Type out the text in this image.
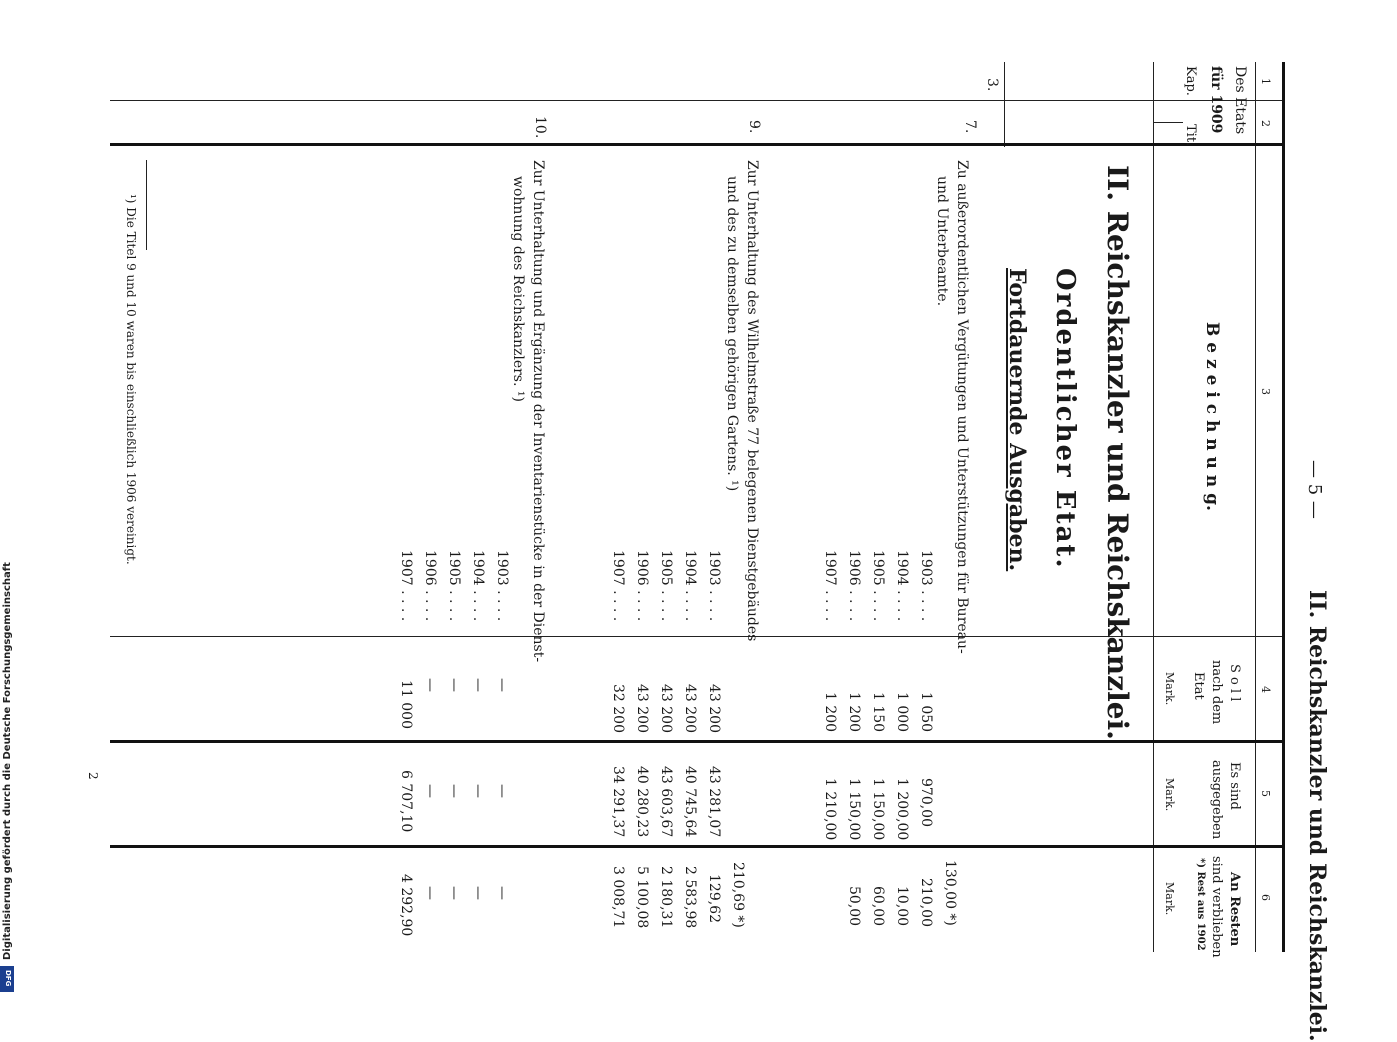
II. Reichskanzler und Reichskanzlei.
— 5 —
1
2
3
4
5
6
Des Etats
für 1909
Kap.
Tit.
B e z e i c h n u n g.
S o l l
nach dem
Etat
Mark.
Es sind
ausgegeben
Mark.
An Resten
sind verblieben
*) Rest aus 1902
Mark.
3.
II. Reichskanzler und Reichskanzlei.
Ordentlicher Etat.
Fortdauernde Ausgaben.
7.
Zu außerordentlichen Vergütungen und Unterstützungen für Bureau-
und Unterbeamte.
1903 . . . .
1904 . . . .
1905 . . . .
1906 . . . .
1907 . . . .
1 050
1 000
1 150
1 200
1 200
970,00
1 200,00
1 150,00
1 150,00
1 210,00
130,00 *)
210,00
10,00
60,00
50,00
9.
Zur Unterhaltung des Wilhelmstraße 77 belegenen Dienstgebäudes
und des zu demselben gehörigen Gartens. ¹)
1903 . . . .
1904 . . . .
1905 . . . .
1906 . . . .
1907 . . . .
43 200
43 200
43 200
43 200
32 200
43 281,07
40 745,64
43 603,67
40 280,23
34 291,37
210,69 *)
129,62
2 583,98
2 180,31
5 100,08
3 008,71
10.
Zur Unterhaltung und Ergänzung der Inventarienstücke in der Dienst-
wohnung des Reichskanzlers. ¹)
1903 . . . .
1904 . . . .
1905 . . . .
1906 . . . .
1907 . . . .
—
—
—
—
11 000
—
—
—
—
6 707,10
—
—
—
—
4 292,90
¹) Die Titel 9 und 10 waren bis einschließlich 1906 vereinigt.
2
Digitalisierung gefördert durch die Deutsche Forschungsgemeinschaft
DFG
